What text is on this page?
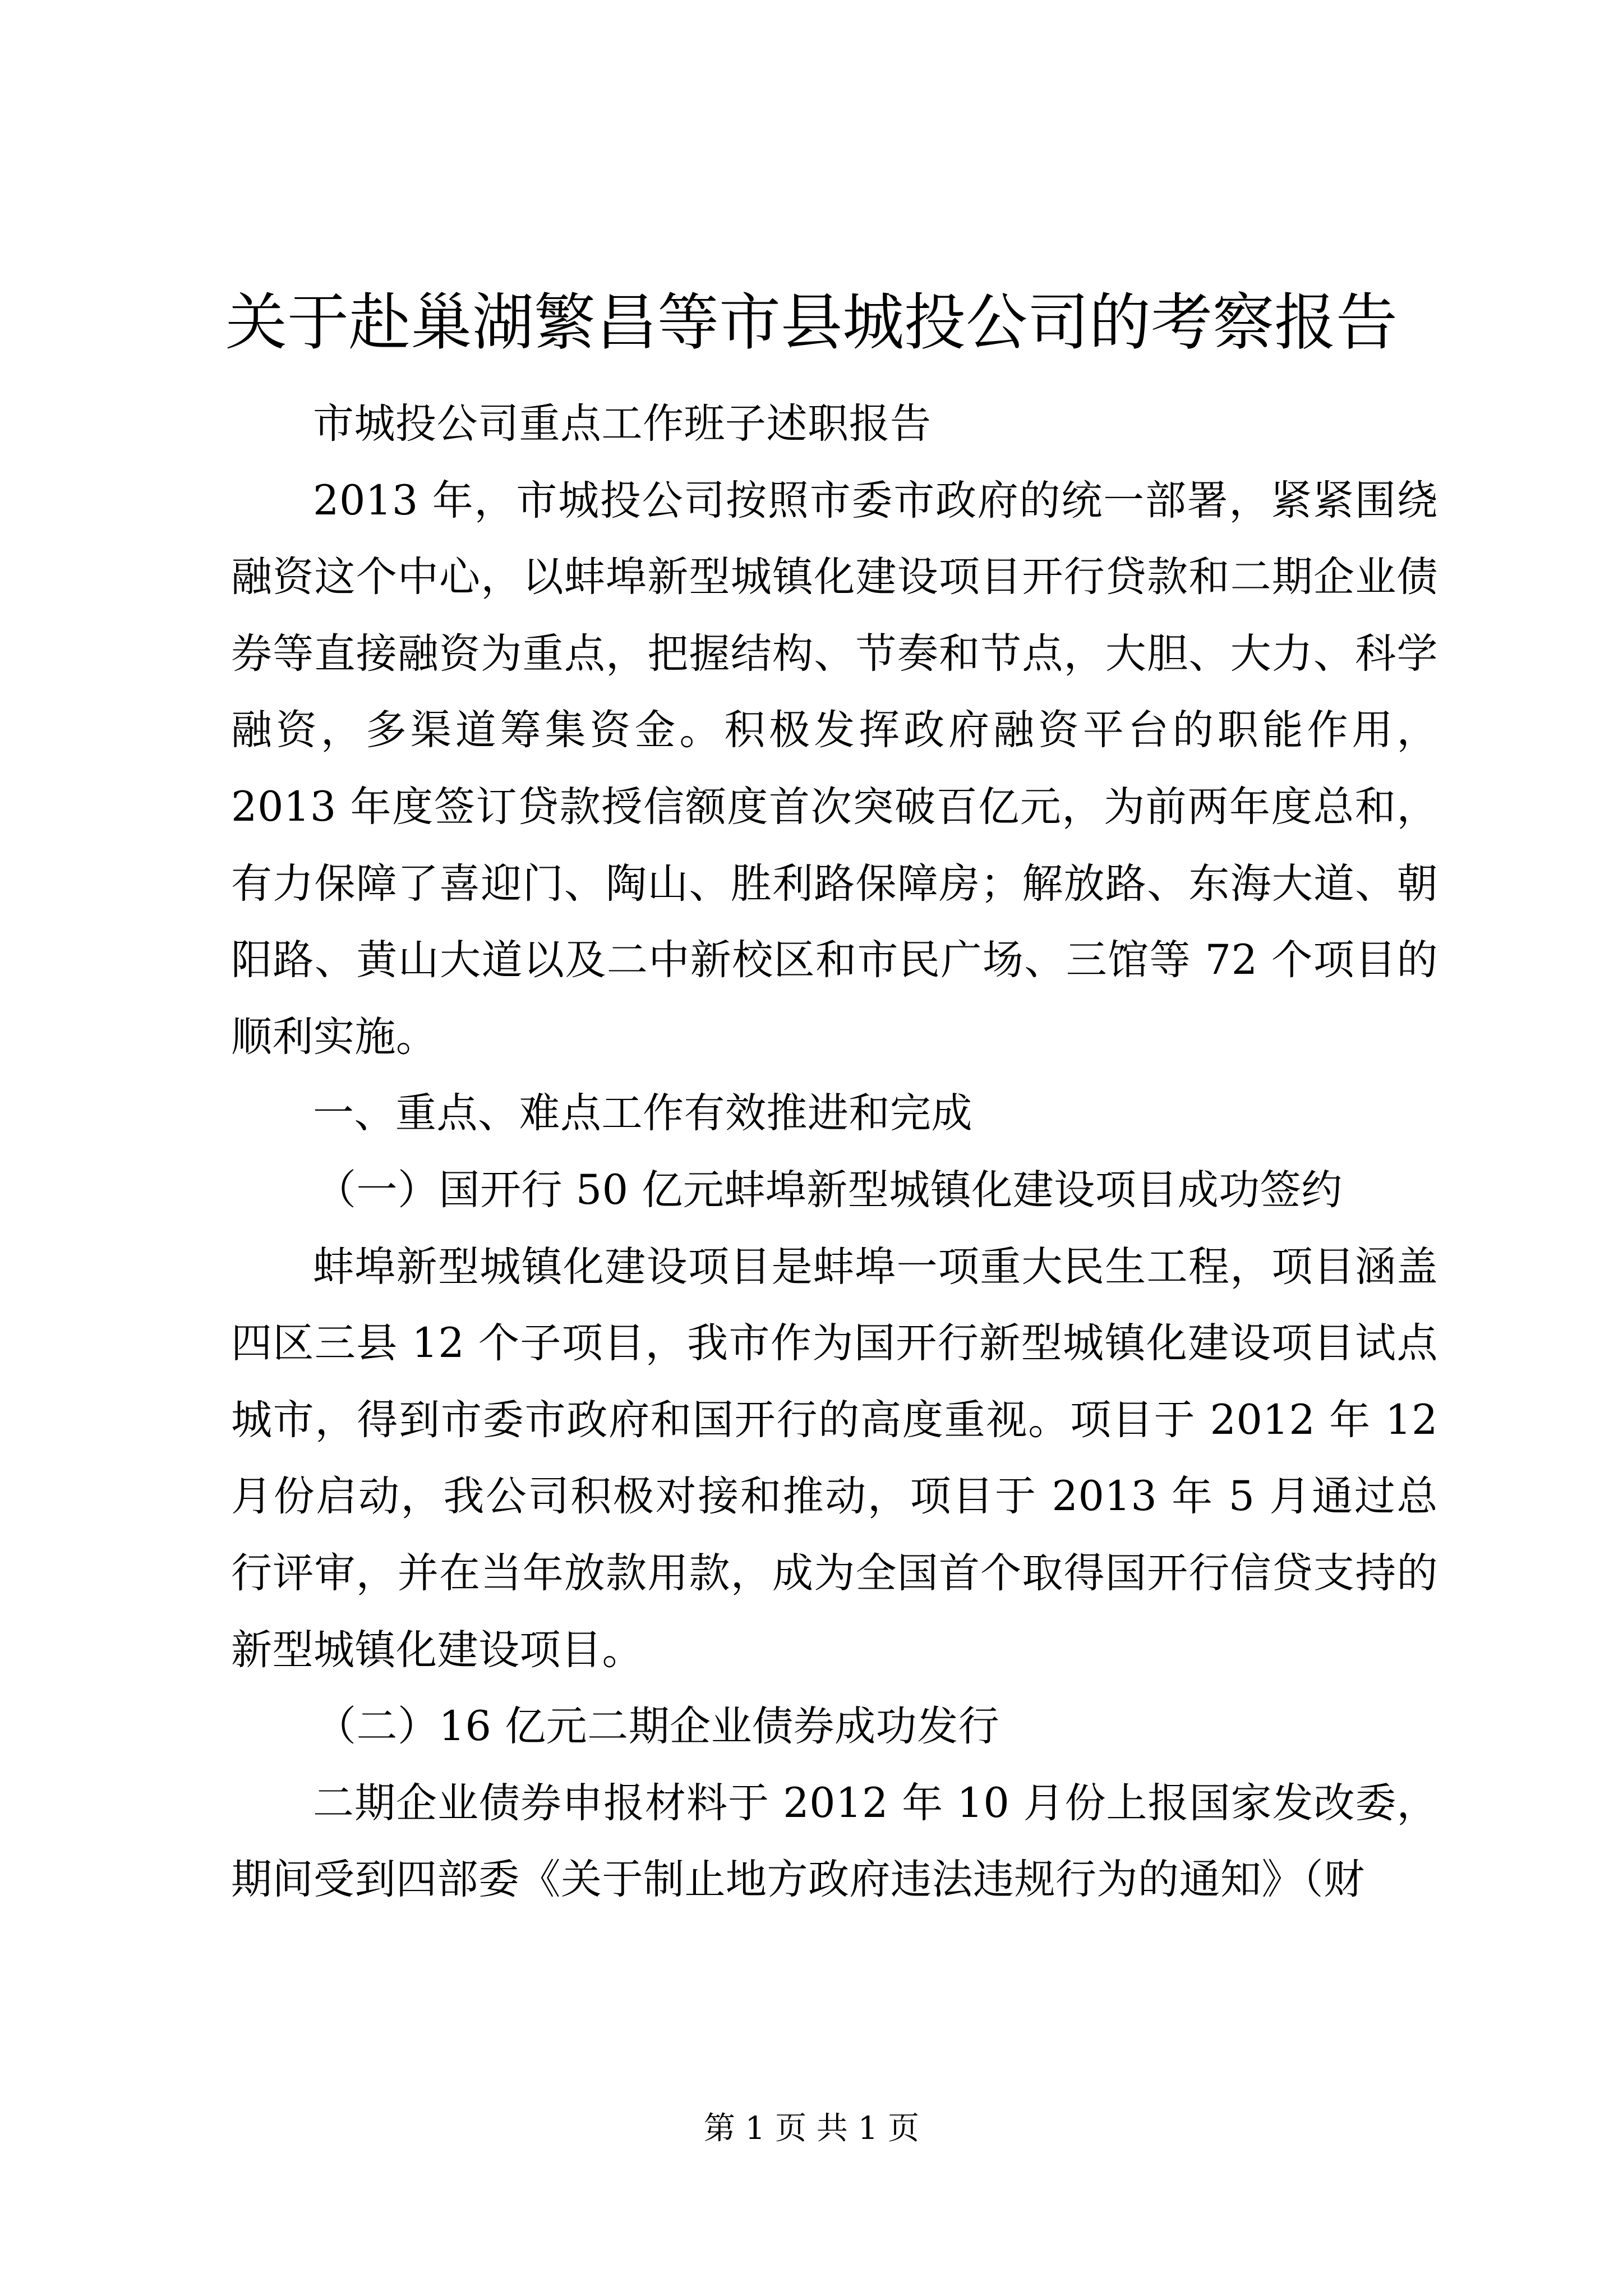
关于赴巢湖繁昌等市县城投公司的考察报告

市城投公司重点工作班子述职报告

2013 年，市城投公司按照市委市政府的统一部署，紧紧围绕融资这个中心，以蚌埠新型城镇化建设项目开行贷款和二期企业债券等直接融资为重点，把握结构、节奏和节点，大胆、大力、科学融资，多渠道筹集资金。积极发挥政府融资平台的职能作用，2013 年度签订贷款授信额度首次突破百亿元，为前两年度总和，有力保障了喜迎门、陶山、胜利路保障房；解放路、东海大道、朝阳路、黄山大道以及二中新校区和市民广场、三馆等 72 个项目的顺利实施。

一、重点、难点工作有效推进和完成

（一）国开行 50 亿元蚌埠新型城镇化建设项目成功签约

蚌埠新型城镇化建设项目是蚌埠一项重大民生工程，项目涵盖四区三县 12 个子项目，我市作为国开行新型城镇化建设项目试点城市，得到市委市政府和国开行的高度重视。项目于 2012 年 12 月份启动，我公司积极对接和推动，项目于 2013 年 5 月通过总行评审，并在当年放款用款，成为全国首个取得国开行信贷支持的新型城镇化建设项目。

（二）16 亿元二期企业债券成功发行

二期企业债券申报材料于 2012 年 10 月份上报国家发改委，期间受到四部委《关于制止地方政府违法违规行为的通知》（财

第 1 页 共 1 页
